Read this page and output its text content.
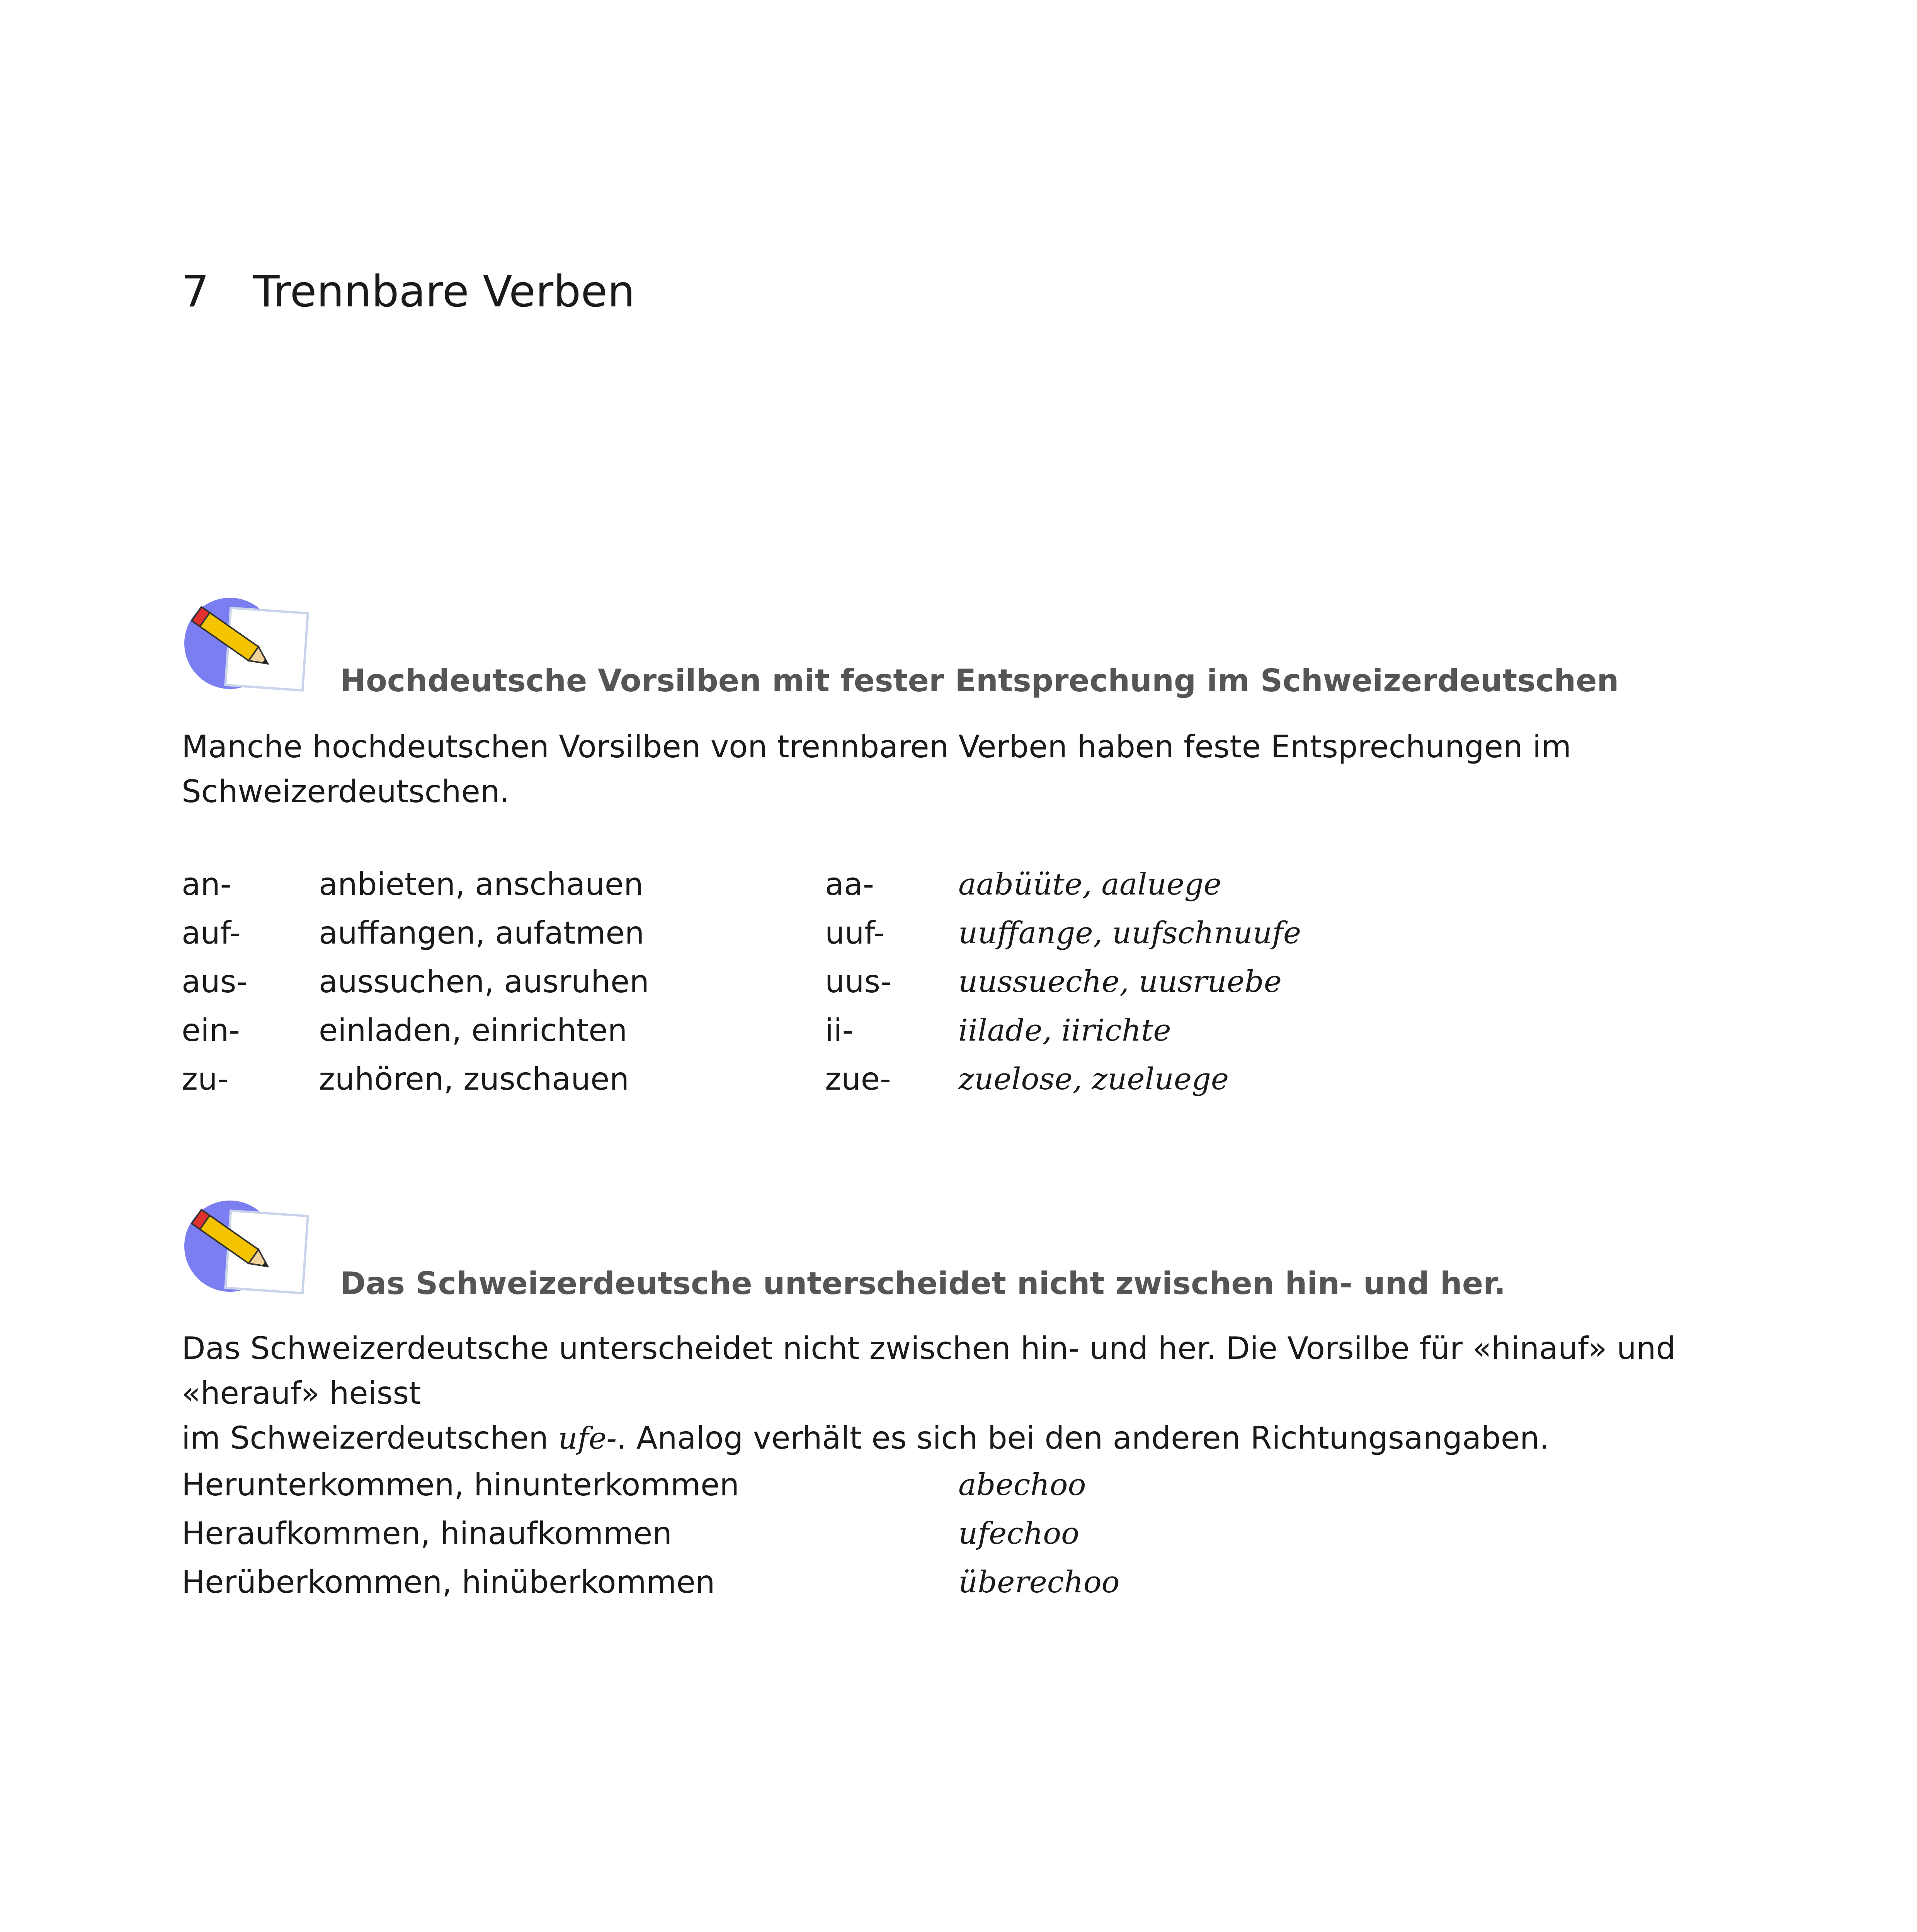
7 Trennbare Verben
Hochdeutsche Vorsilben mit fester Entsprechung im Schweizerdeutschen
Manche hochdeutschen Vorsilben von trennbaren Verben haben feste Entsprechungen im Schweizerdeutschen.
an-	anbieten, anschauen	aa-	aabüüte, aaluege
auf-	auffangen, aufatmen	uuf- uuffange, uufschnuufe
aus- aussuchen, ausruhen	uus- uussueche, uusruebe
ein-	einladen, einrichten	ii-	iilade, iirichte
zu-	zuhören, zuschauen	zue- zuelose, zueluege
Das Schweizerdeutsche unterscheidet nicht zwischen hin- und her.
Das Schweizerdeutsche unterscheidet nicht zwischen hin- und her. Die Vorsilbe für «hinauf» und «herauf» heisst
im Schweizerdeutschen ufe-. Analog verhält es sich bei den anderen Richtungsangaben.
Herunterkommen, hinunterkommen	abechoo
Heraufkommen, hinaufkommen	ufechoo
Herüberkommen, hinüberkommen	überechoo
